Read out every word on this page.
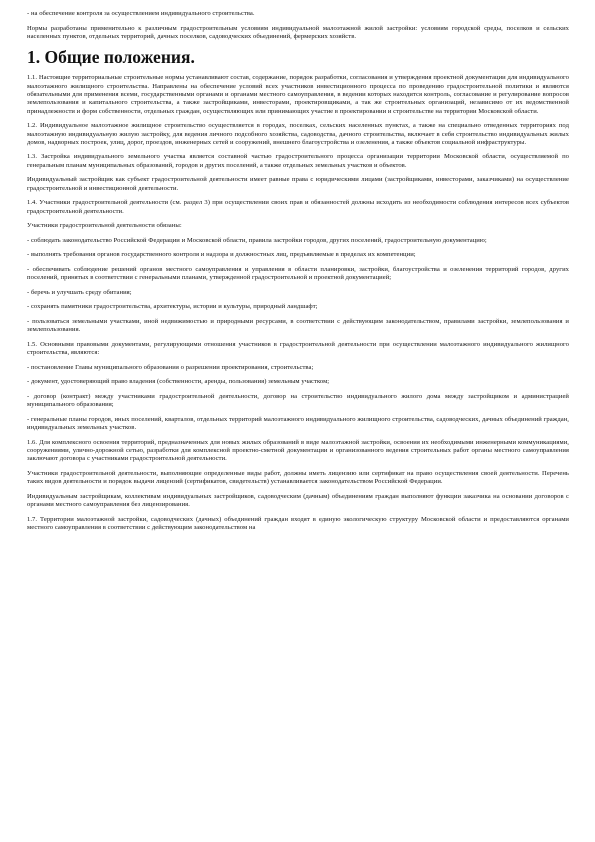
- на обеспечение контроля за осуществлением индивидуального строительства.

Нормы разработаны применительно к различным градостроительным условиям индивидуальной малоэтажной жилой застройки: условиям городской среды, поселков и сельских населенных пунктов, отдельных территорий, дачных поселков, садоводческих объединений, фермерских хозяйств.

1. Общие положения.

1.1. Настоящие территориальные строительные нормы устанавливают состав, содержание, порядок разработки, согласования и утверждения проектной документации для индивидуального малоэтажного жилищного строительства. Направлены на обеспечение условий всех участников инвестиционного процесса по проведению градостроительной политики и являются обязательными для применения всеми, государственными органами и органами местного самоуправления, в ведении которых находится контроль, согласование и регулирование вопросов землепользования и капитального строительства, а также застройщиками, инвесторами, проектировщиками, а так же строительных организаций, независимо от их ведомственной принадлежности и форм собственности, отдельных граждан, осуществляющих или принимающих участие в проектировании и строительстве на территории Московской области.

1.2. Индивидуальное малоэтажное жилищное строительство осуществляется в городах, поселках, сельских населенных пунктах, а также на специально отведенных территориях под малоэтажную индивидуальную жилую застройку, для ведения личного подсобного хозяйства, садоводства, дачного строительства, включает в себя строительство индивидуальных жилых домов, надворных построек, улиц, дорог, проездов, инженерных сетей и сооружений, внешнего благоустройства и озеленения, а также объектов социальной инфраструктуры.

1.3. Застройка индивидуального земельного участка является составной частью градостроительного процесса организации территории Московской области, осуществляемой по генеральным планам муниципальных образований, городов и других поселений, а также отдельных земельных участков и объектов.

Индивидуальный застройщик как субъект градостроительной деятельности имеет равные права с юридическими лицами (застройщиками, инвесторами, заказчиками) на осуществление градостроительной и инвестиционной деятельности.

1.4. Участники градостроительной деятельности (см. раздел 3) при осуществлении своих прав и обязанностей должны исходить из необходимости соблюдения интересов всех субъектов градостроительной деятельности.

Участники градостроительной деятельности обязаны:

- соблюдать законодательство Российской Федерации и Московской области, правила застройки городов, других поселений, градостроительную документацию;

- выполнять требования органов государственного контроля и надзора и должностных лиц, предъявляемые в пределах их компетенции;

- обеспечивать соблюдение решений органов местного самоуправления и управления в области планировки, застройки, благоустройства и озеленения территорий городов, других поселений, принятых в соответствии с генеральными планами, утвержденной градостроительной и проектной документацией;

- беречь и улучшать среду обитания;

- сохранять памятники градостроительства, архитектуры, истории и культуры, природный ландшафт;

- пользоваться земельными участками, иной недвижимостью и природными ресурсами, в соответствии с действующим законодательством, правилами застройки, землепользования и землепользования.

1.5. Основными правовыми документами, регулирующими отношения участников в градостроительной деятельности при осуществлении малоэтажного индивидуального жилищного строительства, являются:

- постановление Главы муниципального образования о разрешении проектирования, строительства;

- документ, удостоверяющий право владения (собственности, аренды, пользования) земельным участком;

- договор (контракт) между участниками градостроительной деятельности, договор на строительство индивидуального жилого дома между застройщиком и администрацией муниципального образования;

- генеральные планы городов, иных поселений, кварталов, отдельных территорий малоэтажного индивидуального жилищного строительства, садоводческих, дачных объединений граждан, индивидуальных земельных участков.

1.6. Для комплексного освоения территорий, предназначенных для новых жилых образований в виде малоэтажной застройки, освоения их необходимыми инженерными коммуникациями, сооружениями, улично-дорожной сетью, разработки для комплексной проектно-сметной документации и организованного ведения строительных работ органы местного самоуправления заключают договора с участниками градостроительной деятельности.

Участники градостроительной деятельности, выполняющие определенные виды работ, должны иметь лицензию или сертификат на право осуществления своей деятельности. Перечень таких видов деятельности и порядок выдачи лицензий (сертификатов, свидетельств) устанавливается законодательством Российской Федерации.

Индивидуальным застройщикам, коллективам индивидуальных застройщиков, садоводческим (дачным) объединениям граждан выполняют функции заказчика на основании договоров с органами местного самоуправления без лицензирования.

1.7. Территории малоэтажной застройки, садоводческих (дачных) объединений граждан входят в единую экологическую структуру Московской области и предоставляются органами местного самоуправления в соответствии с действующим законодательством на
